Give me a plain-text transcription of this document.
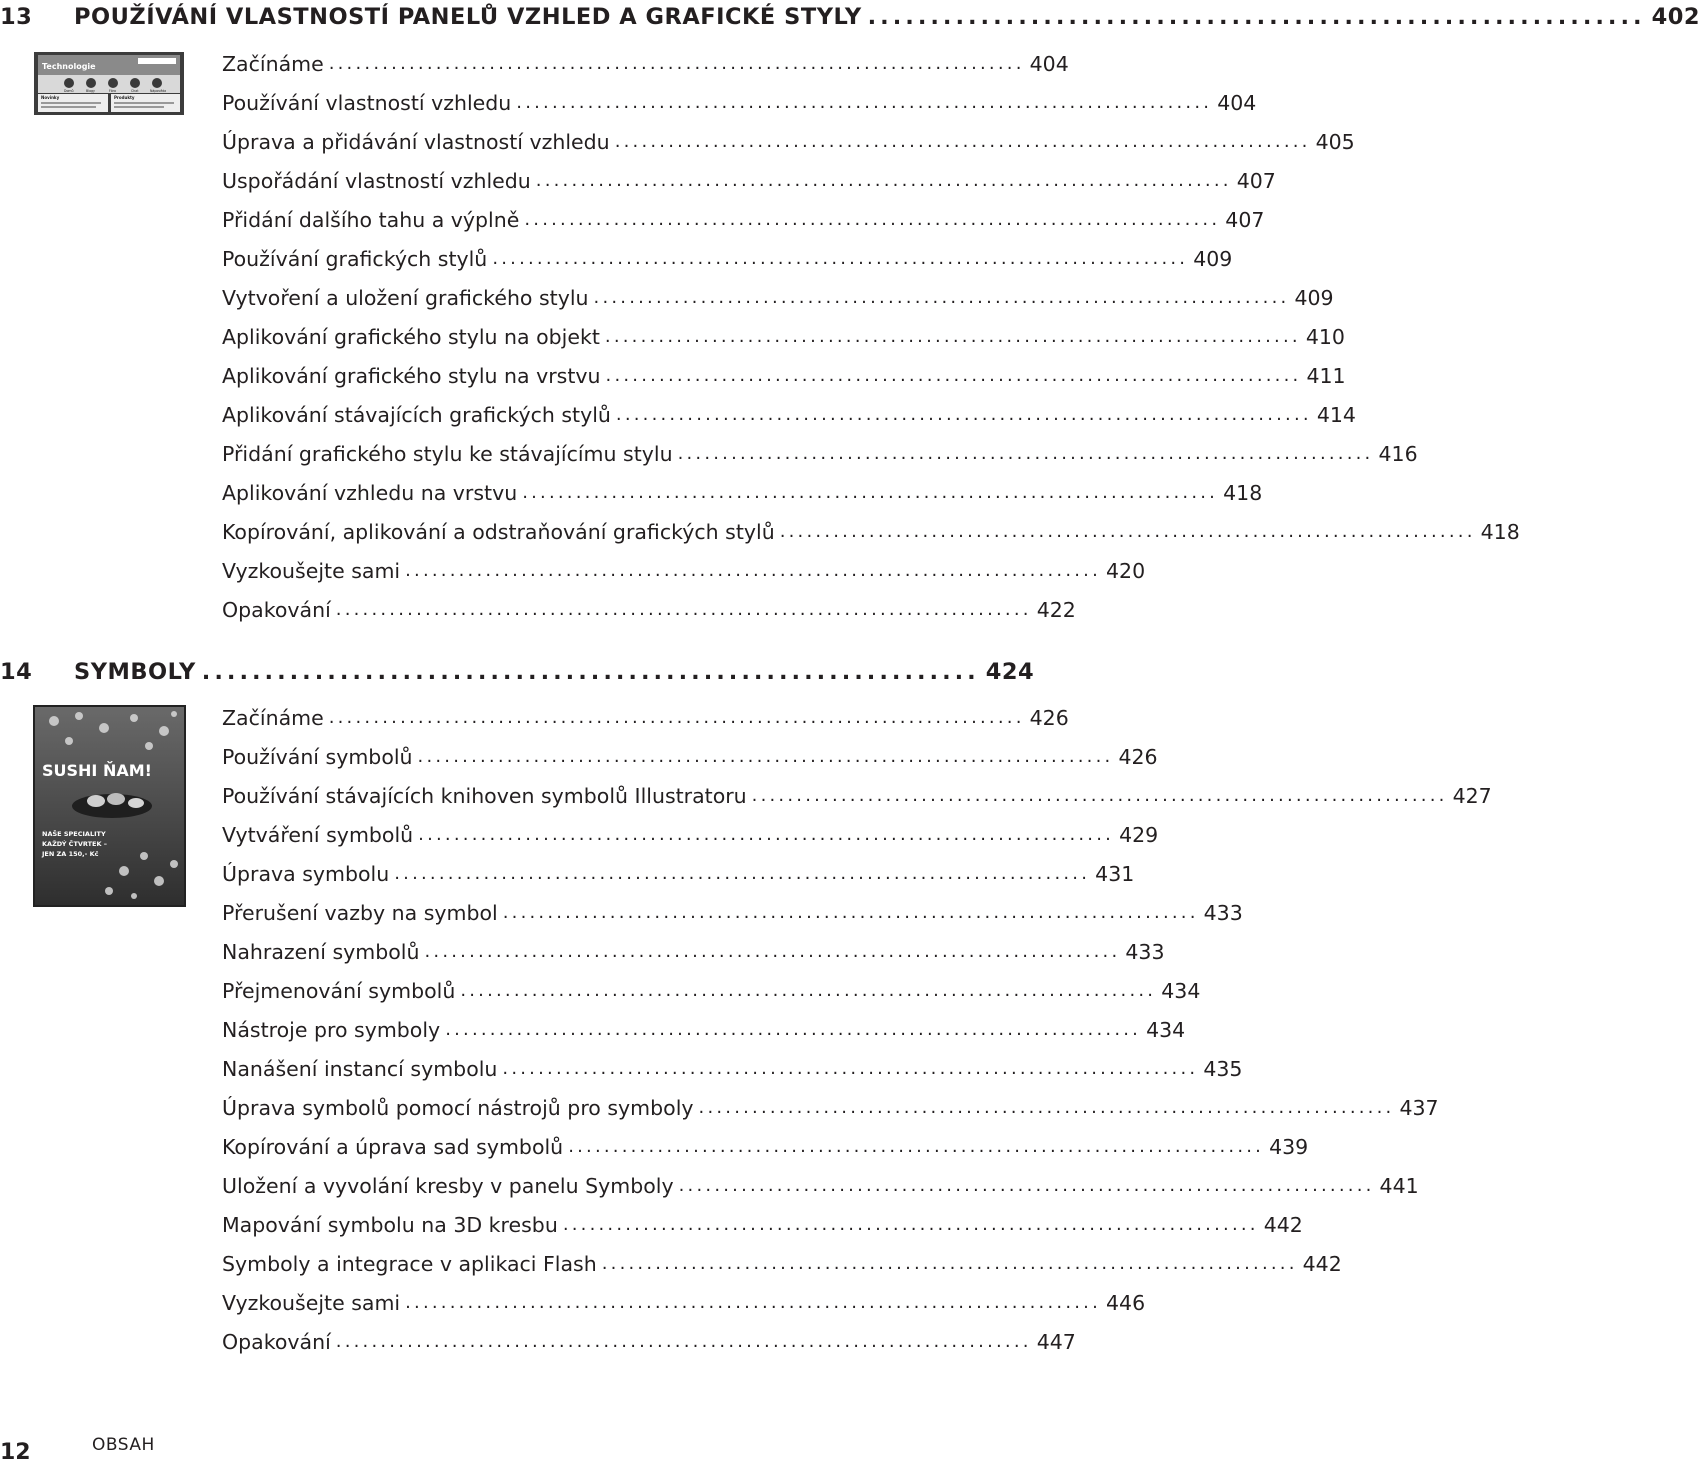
13	POUŽÍVÁNÍ VLASTNOSTÍ PANELŮ VZHLED A GRAFICKÉ STYLY .............................................................. 402
Technologie
Domů	Blogy	Fóra	Chat	Nápověda
Novinky	Produkty
Začínáme .............................................................................. 404
Používání vlastností vzhledu .............................................................................. 404
Úprava a přidávání vlastností vzhledu .............................................................................. 405
Uspořádání vlastností vzhledu .............................................................................. 407
Přidání dalšího tahu a výplně .............................................................................. 407
Používání grafických stylů .............................................................................. 409
Vytvoření a uložení grafického stylu .............................................................................. 409
Aplikování grafického stylu na objekt .............................................................................. 410
Aplikování grafického stylu na vrstvu .............................................................................. 411
Aplikování stávajících grafických stylů .............................................................................. 414
Přidání grafického stylu ke stávajícímu stylu .............................................................................. 416
Aplikování vzhledu na vrstvu .............................................................................. 418
Kopírování, aplikování a odstraňování grafických stylů .............................................................................. 418
Vyzkoušejte sami .............................................................................. 420
Opakování .............................................................................. 422
14	SYMBOLY .............................................................. 424
SUSHI ŇAM!
NAŠE SPECIALITY
KAŽDÝ ČTVRTEK –
JEN ZA 150,- Kč
Začínáme .............................................................................. 426
Používání symbolů .............................................................................. 426
Používání stávajících knihoven symbolů Illustratoru .............................................................................. 427
Vytváření symbolů .............................................................................. 429
Úprava symbolu .............................................................................. 431
Přerušení vazby na symbol .............................................................................. 433
Nahrazení symbolů .............................................................................. 433
Přejmenování symbolů .............................................................................. 434
Nástroje pro symboly .............................................................................. 434
Nanášení instancí symbolu .............................................................................. 435
Úprava symbolů pomocí nástrojů pro symboly .............................................................................. 437
Kopírování a úprava sad symbolů .............................................................................. 439
Uložení a vyvolání kresby v panelu Symboly .............................................................................. 441
Mapování symbolu na 3D kresbu .............................................................................. 442
Symboly a integrace v aplikaci Flash .............................................................................. 442
Vyzkoušejte sami .............................................................................. 446
Opakování .............................................................................. 447
12	OBSAH
